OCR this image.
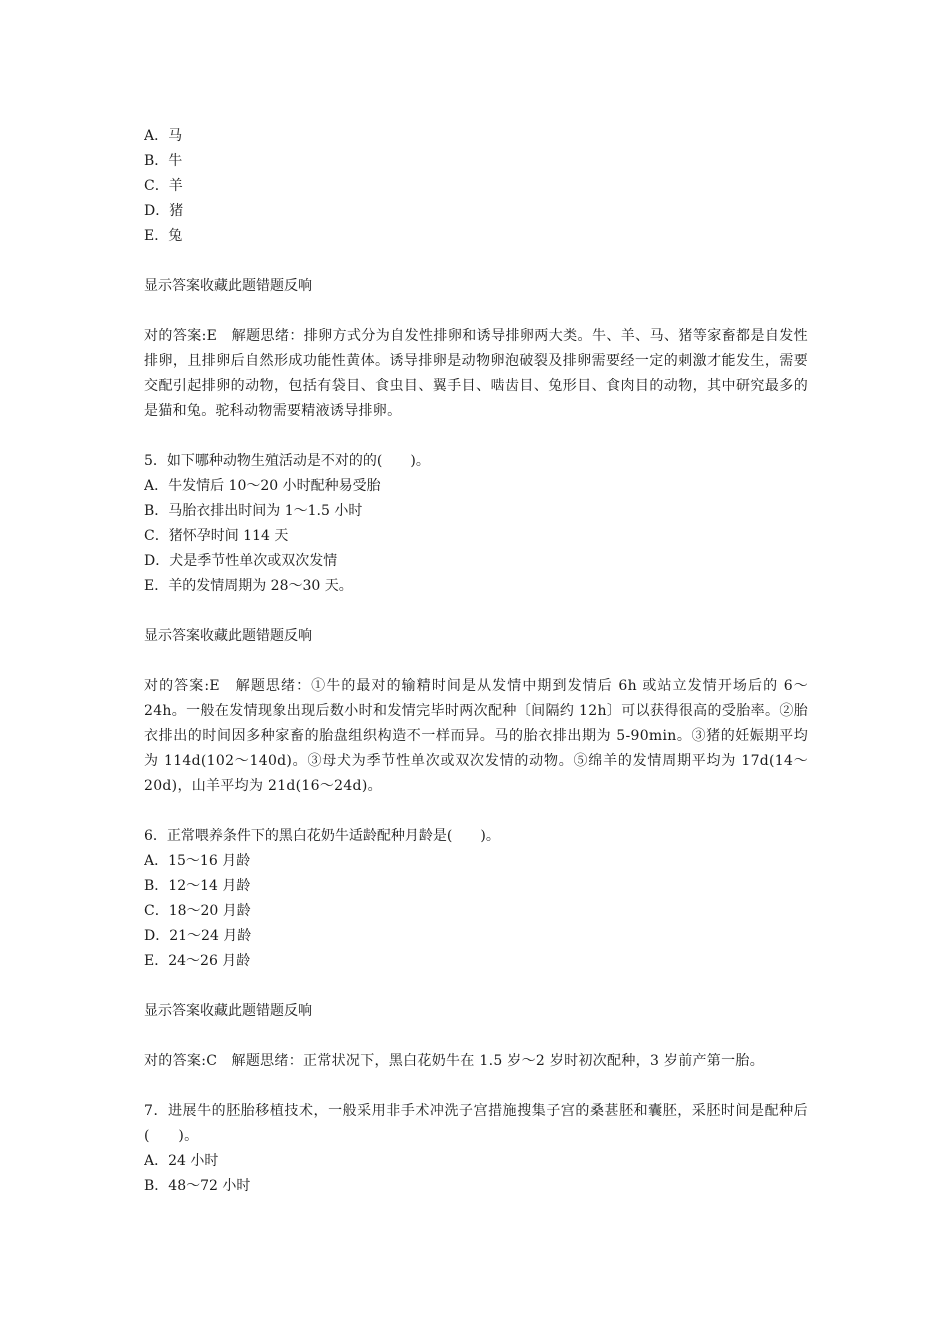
A．马
B．牛
C．羊
D．猪
E．兔
显示答案收藏此题错题反响
对的答案:E　解题思绪：排卵方式分为自发性排卵和诱导排卵两大类。牛、羊、马、猪等家畜都是自发性排卵，且排卵后自然形成功能性黄体。诱导排卵是动物卵泡破裂及排卵需要经一定的刺激才能发生，需要交配引起排卵的动物，包括有袋目、食虫目、翼手目、啮齿目、兔形目、食肉目的动物，其中研究最多的是猫和兔。驼科动物需要精液诱导排卵。
5．如下哪种动物生殖活动是不对的的(　　)。
A．牛发情后 10～20 小时配种易受胎
B．马胎衣排出时间为 1～1.5 小时
C．猪怀孕时间 114 天
D．犬是季节性单次或双次发情
E．羊的发情周期为 28～30 天。
显示答案收藏此题错题反响
对的答案:E　解题思绪：①牛的最对的输精时间是从发情中期到发情后 6h 或站立发情开场后的 6～24h。一般在发情现象出现后数小时和发情完毕时两次配种〔间隔约 12h〕可以获得很高的受胎率。②胎衣排出的时间因多种家畜的胎盘组织构造不一样而异。马的胎衣排出期为 5-90min。③猪的妊娠期平均为 114d(102～140d)。③母犬为季节性单次或双次发情的动物。⑤绵羊的发情周期平均为 17d(14～20d)，山羊平均为 21d(16～24d)。
6．正常喂养条件下的黑白花奶牛适龄配种月龄是(　　)。
A．15～16 月龄
B．12～14 月龄
C．18～20 月龄
D．21～24 月龄
E．24～26 月龄
显示答案收藏此题错题反响
对的答案:C　解题思绪：正常状况下，黑白花奶牛在 1.5 岁～2 岁时初次配种，3 岁前产第一胎。
7．进展牛的胚胎移植技术，一般采用非手术冲洗子宫措施搜集子宫的桑葚胚和囊胚，采胚时间是配种后(　　)。
A．24 小时
B．48～72 小时
